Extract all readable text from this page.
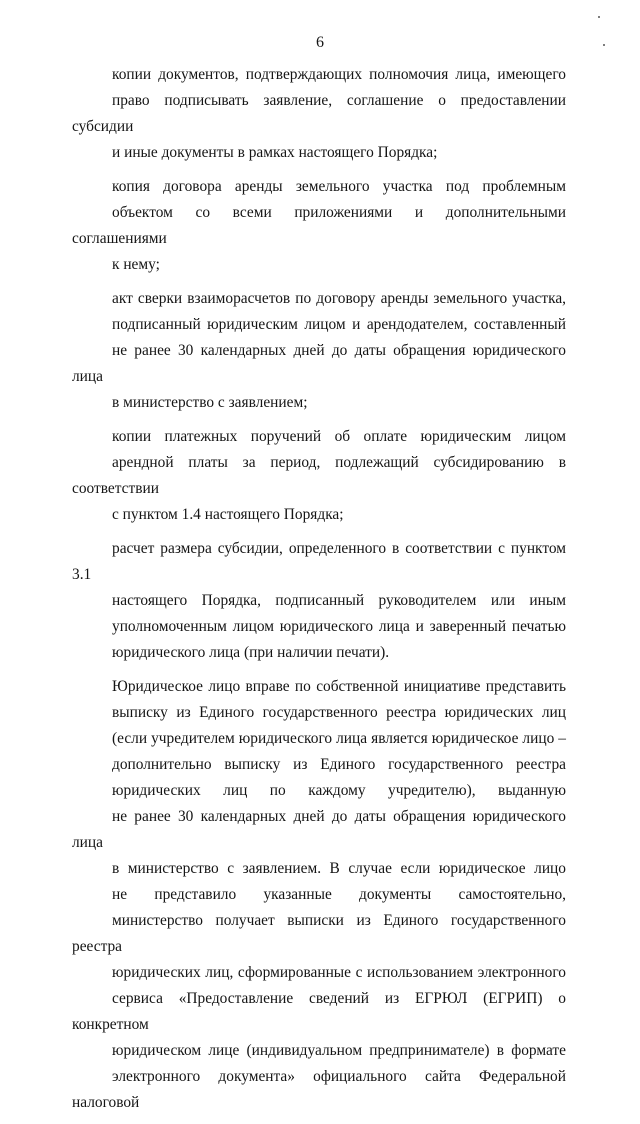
6

копии документов, подтверждающих полномочия лица, имеющего
право подписывать заявление, соглашение о предоставлении субсидии
и иные документы в рамках настоящего Порядка;

копия договора аренды земельного участка под проблемным
объектом со всеми приложениями и дополнительными соглашениями
к нему;

акт сверки взаиморасчетов по договору аренды земельного участка,
подписанный юридическим лицом и арендодателем, составленный
не ранее 30 календарных дней до даты обращения юридического лица
в министерство с заявлением;

копии платежных поручений об оплате юридическим лицом
арендной платы за период, подлежащий субсидированию в соответствии
с пунктом 1.4 настоящего Порядка;

расчет размера субсидии, определенного в соответствии с пунктом 3.1
настоящего Порядка, подписанный руководителем или иным
уполномоченным лицом юридического лица и заверенный печатью
юридического лица (при наличии печати).

Юридическое лицо вправе по собственной инициативе представить
выписку из Единого государственного реестра юридических лиц
(если учредителем юридического лица является юридическое лицо –
дополнительно выписку из Единого государственного реестра
юридических лиц по каждому учредителю), выданную
не ранее 30 календарных дней до даты обращения юридического лица
в министерство с заявлением. В случае если юридическое лицо
не представило указанные документы самостоятельно,
министерство получает выписки из Единого государственного реестра
юридических лиц, сформированные с использованием электронного
сервиса «Предоставление сведений из ЕГРЮЛ (ЕГРИП) о конкретном
юридическом лице (индивидуальном предпринимателе) в формате
электронного документа» официального сайта Федеральной налоговой
